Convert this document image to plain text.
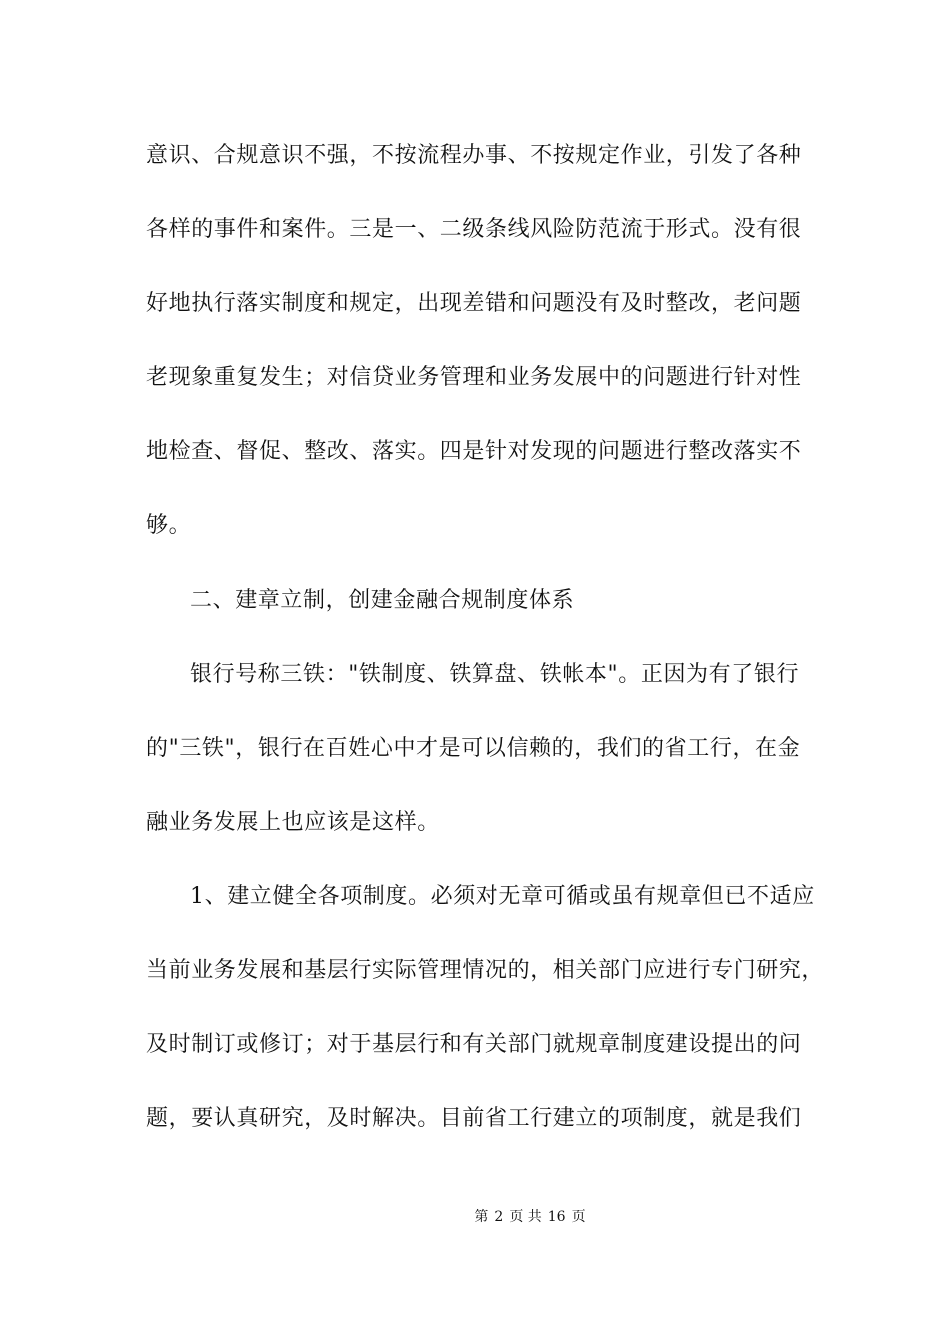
意识、合规意识不强，不按流程办事、不按规定作业，引发了各种
各样的事件和案件。三是一、二级条线风险防范流于形式。没有很
好地执行落实制度和规定，出现差错和问题没有及时整改，老问题
老现象重复发生；对信贷业务管理和业务发展中的问题进行针对性
地检查、督促、整改、落实。四是针对发现的问题进行整改落实不
够。
二、建章立制，创建金融合规制度体系
银行号称三铁："铁制度、铁算盘、铁帐本"。正因为有了银行
的"三铁"，银行在百姓心中才是可以信赖的，我们的省工行，在金
融业务发展上也应该是这样。
1、建立健全各项制度。必须对无章可循或虽有规章但已不适应
当前业务发展和基层行实际管理情况的，相关部门应进行专门研究，
及时制订或修订；对于基层行和有关部门就规章制度建设提出的问
题，要认真研究，及时解决。目前省工行建立的项制度，就是我们
第 2 页 共 16 页
